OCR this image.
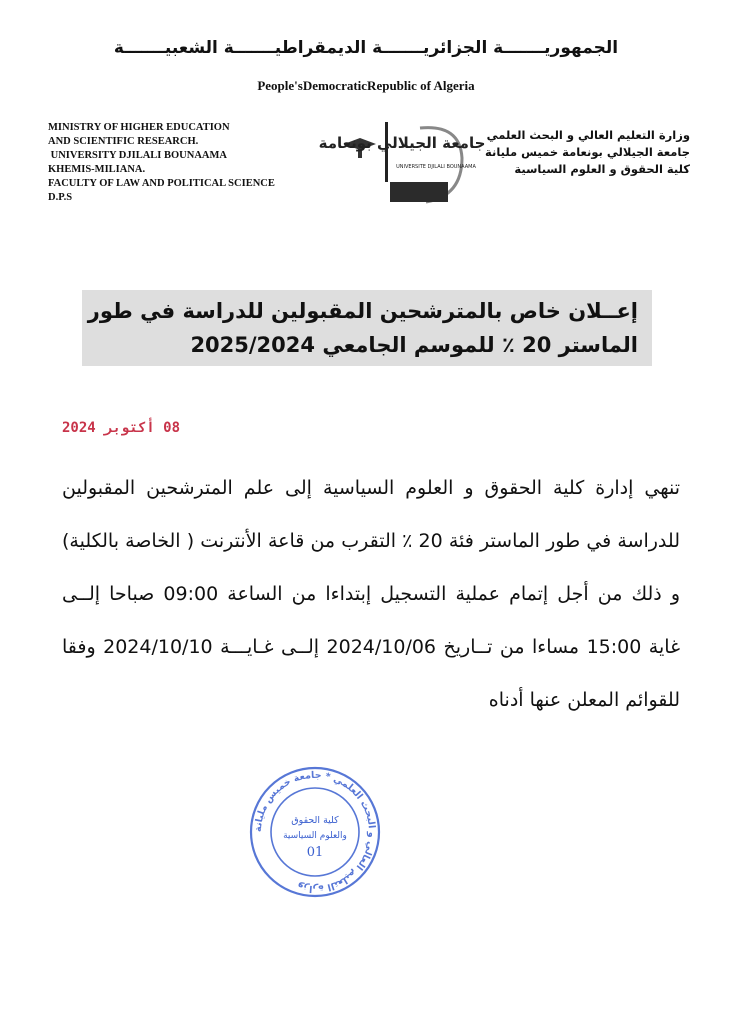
الجمهوريـــــــة الجزائريـــــــة الديمقراطيـــــــة الشعبيـــــــة
People'sDemocraticRepublic of Algeria
MINISTRY OF HIGHER EDUCATION
AND SCIENTIFIC RESEARCH.
UNIVERSITY DJILALI BOUNAAMA
KHEMIS-MILIANA.
FACULTY OF LAW AND POLITICAL SCIENCE
D.P.S
جامعة الجيلالي بونعامة
UNIVERSITE DJILALI BOUNAAMA
وزارة التعليم العالي و البحث العلمي
جامعة الجيلالي بونعامة خميس مليانة
كلية الحقوق و العلوم السياسية
إعــلان خاص بالمترشحين المقبولين للدراسة في طور
الماستر 20 ٪ للموسم الجامعي 2025/2024
08 أكتوبر 2024

تنهي إدارة كلية الحقوق و العلوم السياسية إلى علم المترشحين المقبولين للدراسة في طور الماستر فئة 20 ٪ التقرب من قاعة الأنترنت ( الخاصة بالكلية) و ذلك من أجل إتمام عملية التسجيل إبتداءا من الساعة 09:00 صباحا إلــى غاية 15:00 مساءا من تــاريخ 2024/10/06 إلــى غـايـــة 2024/10/10 وفقا للقوائم المعلن عنها أدناه

وزارة التعليم العالي و البحث العلمي * جامعة خميس مليانة
كلية الحقوق
والعلوم السياسية
01
